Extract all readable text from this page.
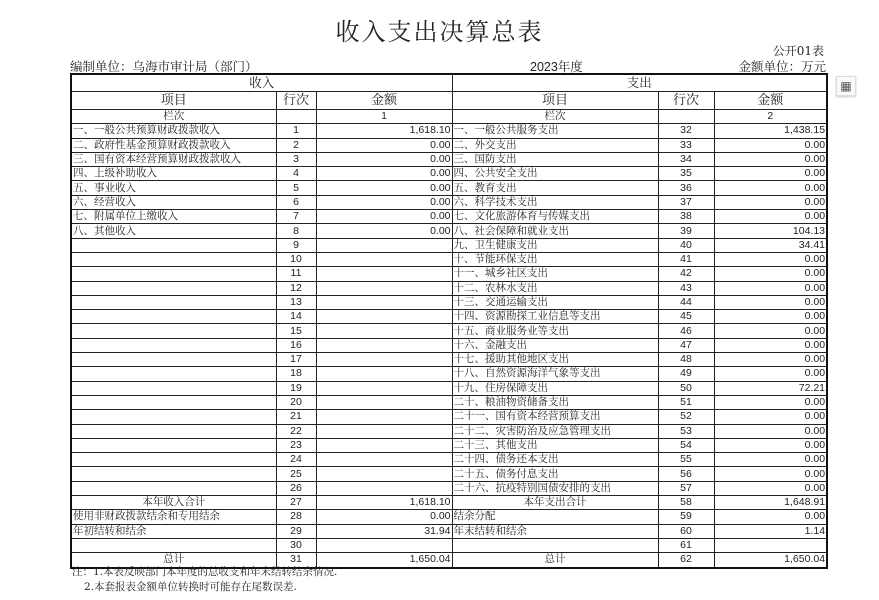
收入支出决算总表
公开01表
编制单位：乌海市审计局（部门）	2023年度	金额单位：万元
▦
收入			支出		
项目	行次	金额	项目	行次	金额
栏次		1	栏次		2
一、一般公共预算财政拨款收入	1	1,618.10	一、一般公共服务支出	32	1,438.15
二、政府性基金预算财政拨款收入	2	0.00	二、外交支出	33	0.00
三、国有资本经营预算财政拨款收入	3	0.00	三、国防支出	34	0.00
四、上级补助收入	4	0.00	四、公共安全支出	35	0.00
五、事业收入	5	0.00	五、教育支出	36	0.00
六、经营收入	6	0.00	六、科学技术支出	37	0.00
七、附属单位上缴收入	7	0.00	七、文化旅游体育与传媒支出	38	0.00
八、其他收入	8	0.00	八、社会保障和就业支出	39	104.13
	9		九、卫生健康支出	40	34.41
	10		十、节能环保支出	41	0.00
	11		十一、城乡社区支出	42	0.00
	12		十二、农林水支出	43	0.00
	13		十三、交通运输支出	44	0.00
	14		十四、资源勘探工业信息等支出	45	0.00
	15		十五、商业服务业等支出	46	0.00
	16		十六、金融支出	47	0.00
	17		十七、援助其他地区支出	48	0.00
	18		十八、自然资源海洋气象等支出	49	0.00
	19		十九、住房保障支出	50	72.21
	20		二十、粮油物资储备支出	51	0.00
	21		二十一、国有资本经营预算支出	52	0.00
	22		二十二、灾害防治及应急管理支出	53	0.00
	23		二十三、其他支出	54	0.00
	24		二十四、债务还本支出	55	0.00
	25		二十五、债务付息支出	56	0.00
	26		二十六、抗疫特别国债安排的支出	57	0.00
本年收入合计	27	1,618.10	本年支出合计	58	1,648.91
使用非财政拨款结余和专用结余	28	0.00	结余分配	59	0.00
年初结转和结余	29	31.94	年末结转和结余	60	1.14
	30			61	
总计	31	1,650.04	总计	62	1,650.04
注：1.本表反映部门本年度的总收支和年末结转结余情况.
2.本套报表金额单位转换时可能存在尾数误差.
